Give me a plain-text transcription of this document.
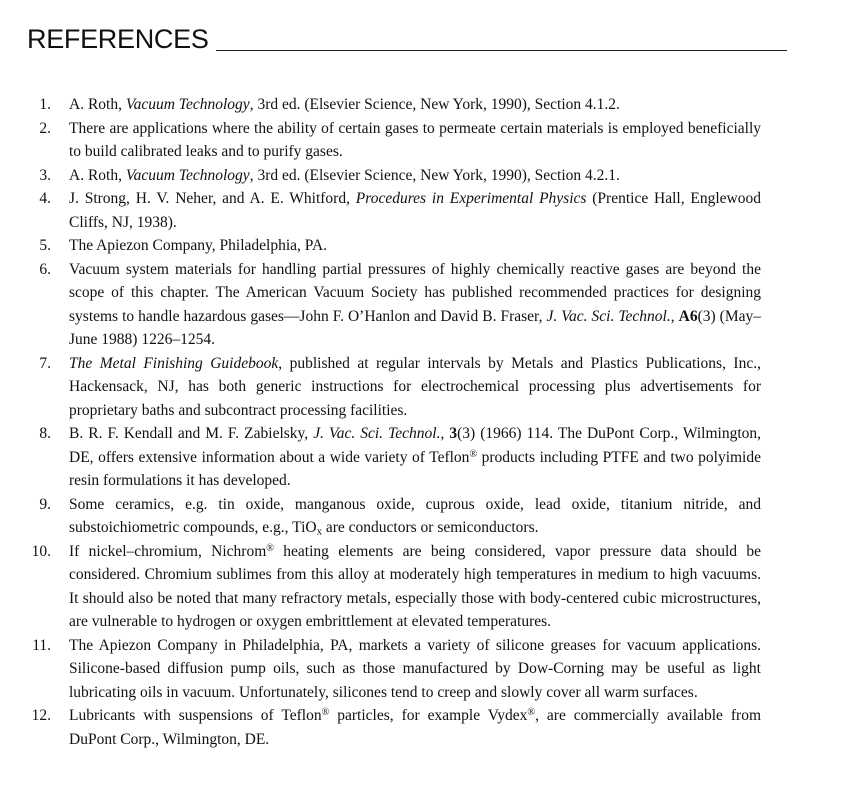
REFERENCES
1. A. Roth, Vacuum Technology, 3rd ed. (Elsevier Science, New York, 1990), Section 4.1.2.
2. There are applications where the ability of certain gases to permeate certain materials is employed beneficially to build calibrated leaks and to purify gases.
3. A. Roth, Vacuum Technology, 3rd ed. (Elsevier Science, New York, 1990), Section 4.2.1.
4. J. Strong, H. V. Neher, and A. E. Whitford, Procedures in Experimental Physics (Prentice Hall, Englewood Cliffs, NJ, 1938).
5. The Apiezon Company, Philadelphia, PA.
6. Vacuum system materials for handling partial pressures of highly chemically reactive gases are beyond the scope of this chapter. The American Vacuum Society has published recommended practices for designing systems to handle hazardous gases—John F. O’Hanlon and David B. Fraser, J. Vac. Sci. Technol., A6(3) (May–June 1988) 1226–1254.
7. The Metal Finishing Guidebook, published at regular intervals by Metals and Plastics Publications, Inc., Hackensack, NJ, has both generic instructions for electrochemical processing plus advertisements for proprietary baths and subcontract processing facilities.
8. B. R. F. Kendall and M. F. Zabielsky, J. Vac. Sci. Technol., 3(3) (1966) 114. The DuPont Corp., Wilmington, DE, offers extensive information about a wide variety of Teflon® products including PTFE and two polyimide resin formulations it has developed.
9. Some ceramics, e.g. tin oxide, manganous oxide, cuprous oxide, lead oxide, titanium nitride, and substoichiometric compounds, e.g., TiO$_x$ are conductors or semiconductors.
10. If nickel–chromium, Nichrom® heating elements are being considered, vapor pressure data should be considered. Chromium sublimes from this alloy at moderately high temperatures in medium to high vacuums. It should also be noted that many refractory metals, especially those with body-centered cubic microstructures, are vulnerable to hydrogen or oxygen embrittlement at elevated temperatures.
11. The Apiezon Company in Philadelphia, PA, markets a variety of silicone greases for vacuum applications. Silicone-based diffusion pump oils, such as those manufactured by Dow-Corning may be useful as light lubricating oils in vacuum. Unfortunately, silicones tend to creep and slowly cover all warm surfaces.
12. Lubricants with suspensions of Teflon® particles, for example Vydex®, are commercially available from DuPont Corp., Wilmington, DE.
